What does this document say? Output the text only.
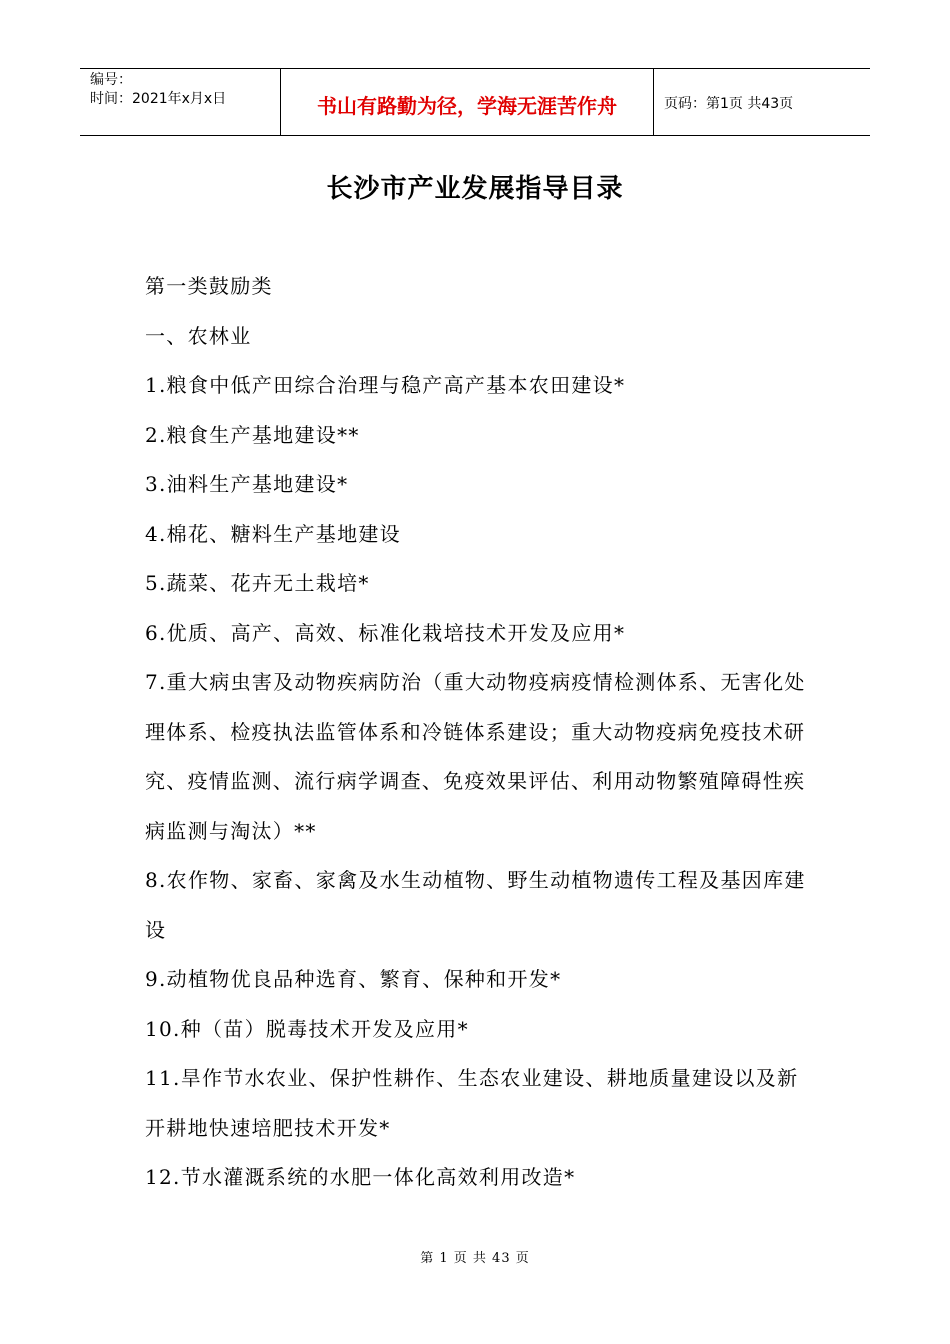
编号：
时间：2021年x月x日	书山有路勤为径，学海无涯苦作舟	页码：第1页 共43页
长沙市产业发展指导目录

第一类鼓励类

一、农林业

1.粮食中低产田综合治理与稳产高产基本农田建设*

2.粮食生产基地建设**

3.油料生产基地建设*

4.棉花、糖料生产基地建设

5.蔬菜、花卉无土栽培*

6.优质、高产、高效、标准化栽培技术开发及应用*

7.重大病虫害及动物疾病防治（重大动物疫病疫情检测体系、无害化处理体系、检疫执法监管体系和冷链体系建设；重大动物疫病免疫技术研究、疫情监测、流行病学调查、免疫效果评估、利用动物繁殖障碍性疾病监测与淘汰）**

8.农作物、家畜、家禽及水生动植物、野生动植物遗传工程及基因库建设

9.动植物优良品种选育、繁育、保种和开发*

10.种（苗）脱毒技术开发及应用*

11.旱作节水农业、保护性耕作、生态农业建设、耕地质量建设以及新开耕地快速培肥技术开发*

12.节水灌溉系统的水肥一体化高效利用改造*

第 1 页 共 43 页
